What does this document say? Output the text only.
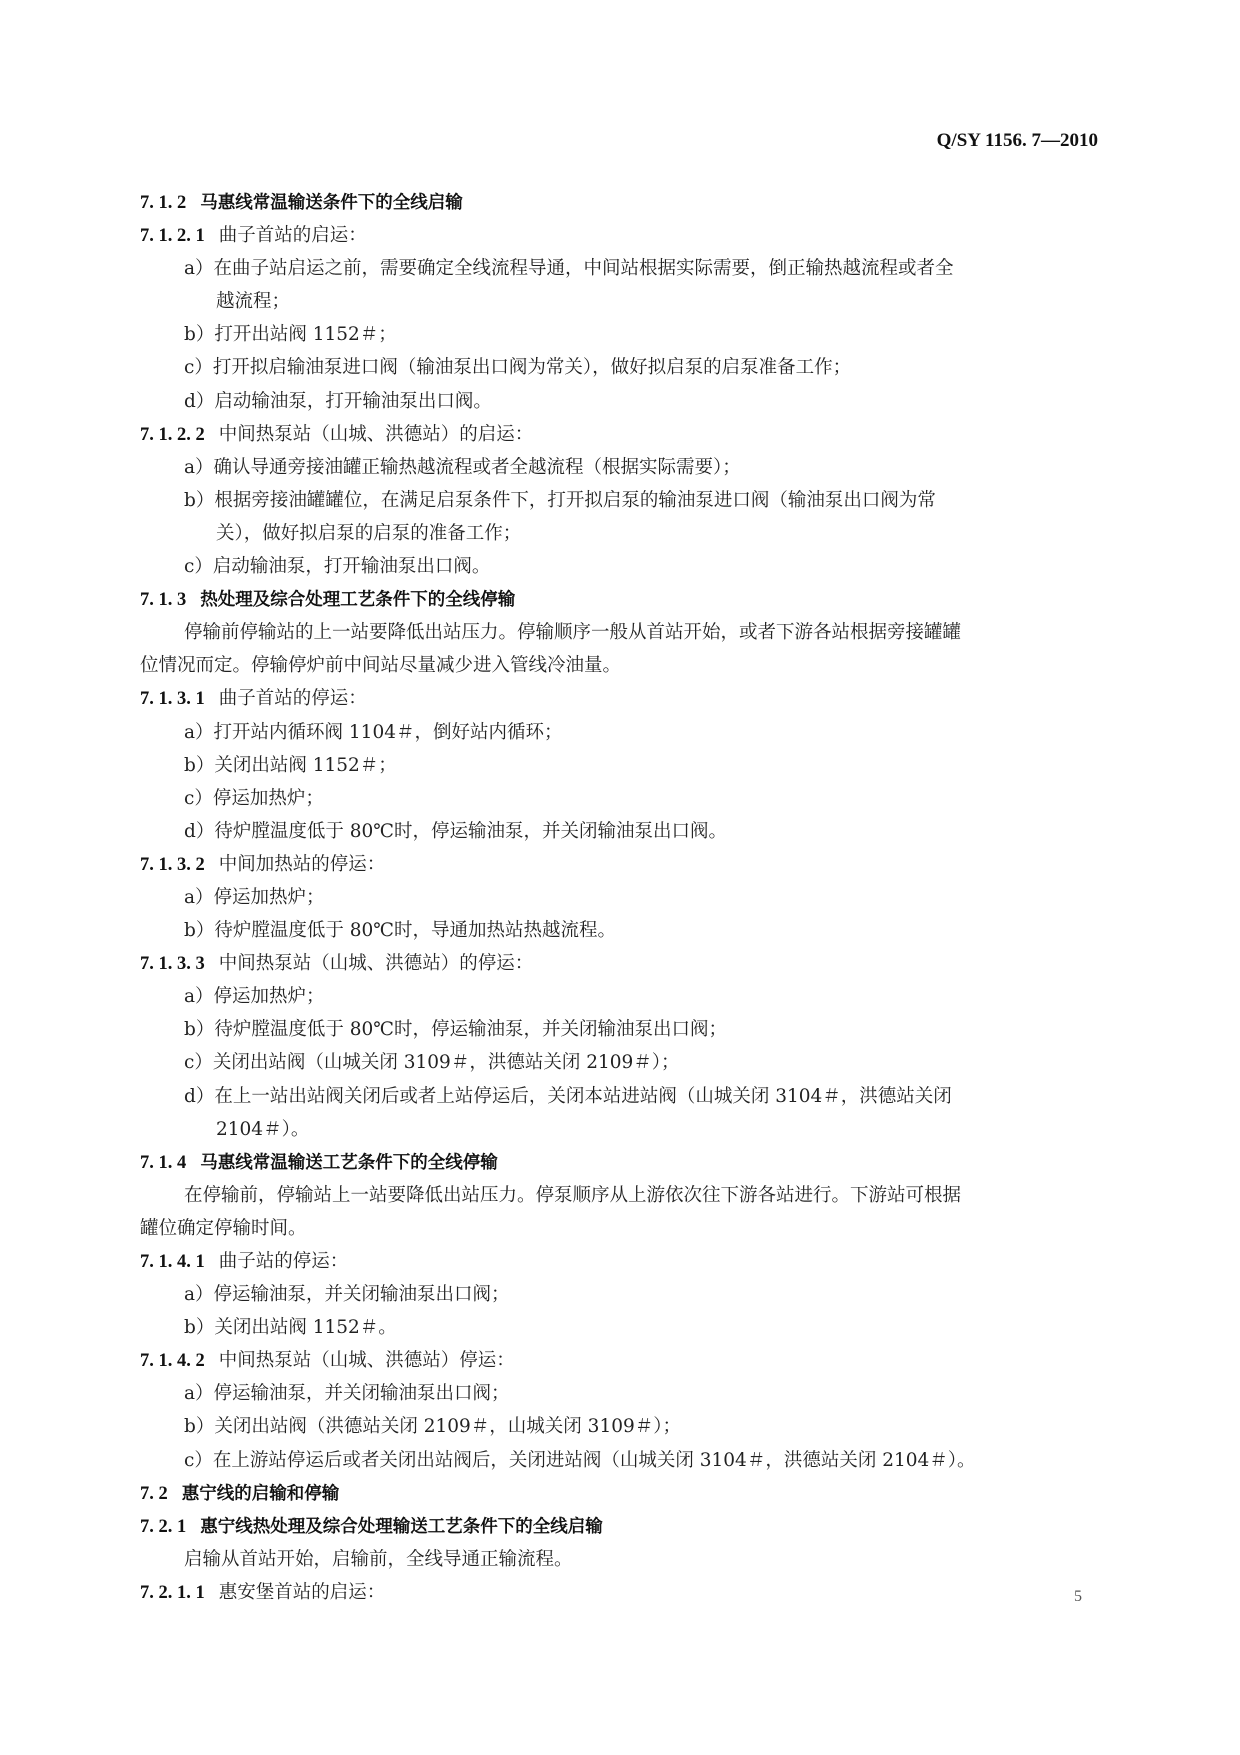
Q/SY 1156. 7—2010
7. 1. 2 马惠线常温输送条件下的全线启输
7. 1. 2. 1 曲子首站的启运：
a）在曲子站启运之前，需要确定全线流程导通，中间站根据实际需要，倒正输热越流程或者全
越流程；
b）打开出站阀 1152＃；
c）打开拟启输油泵进口阀（输油泵出口阀为常关），做好拟启泵的启泵准备工作；
d）启动输油泵，打开输油泵出口阀。
7. 1. 2. 2 中间热泵站（山城、洪德站）的启运：
a）确认导通旁接油罐正输热越流程或者全越流程（根据实际需要）；
b）根据旁接油罐罐位，在满足启泵条件下，打开拟启泵的输油泵进口阀（输油泵出口阀为常
关），做好拟启泵的启泵的准备工作；
c）启动输油泵，打开输油泵出口阀。
7. 1. 3 热处理及综合处理工艺条件下的全线停输
停输前停输站的上一站要降低出站压力。停输顺序一般从首站开始，或者下游各站根据旁接罐罐
位情况而定。停输停炉前中间站尽量减少进入管线冷油量。
7. 1. 3. 1 曲子首站的停运：
a）打开站内循环阀 1104＃，倒好站内循环；
b）关闭出站阀 1152＃；
c）停运加热炉；
d）待炉膛温度低于 80℃时，停运输油泵，并关闭输油泵出口阀。
7. 1. 3. 2 中间加热站的停运：
a）停运加热炉；
b）待炉膛温度低于 80℃时，导通加热站热越流程。
7. 1. 3. 3 中间热泵站（山城、洪德站）的停运：
a）停运加热炉；
b）待炉膛温度低于 80℃时，停运输油泵，并关闭输油泵出口阀；
c）关闭出站阀（山城关闭 3109＃，洪德站关闭 2109＃）；
d）在上一站出站阀关闭后或者上站停运后，关闭本站进站阀（山城关闭 3104＃，洪德站关闭
2104＃）。
7. 1. 4 马惠线常温输送工艺条件下的全线停输
在停输前，停输站上一站要降低出站压力。停泵顺序从上游依次往下游各站进行。下游站可根据
罐位确定停输时间。
7. 1. 4. 1 曲子站的停运：
a）停运输油泵，并关闭输油泵出口阀；
b）关闭出站阀 1152＃。
7. 1. 4. 2 中间热泵站（山城、洪德站）停运：
a）停运输油泵，并关闭输油泵出口阀；
b）关闭出站阀（洪德站关闭 2109＃，山城关闭 3109＃）；
c）在上游站停运后或者关闭出站阀后，关闭进站阀（山城关闭 3104＃，洪德站关闭 2104＃）。
7. 2 惠宁线的启输和停输
7. 2. 1 惠宁线热处理及综合处理输送工艺条件下的全线启输
启输从首站开始，启输前，全线导通正输流程。
7. 2. 1. 1 惠安堡首站的启运：	5
